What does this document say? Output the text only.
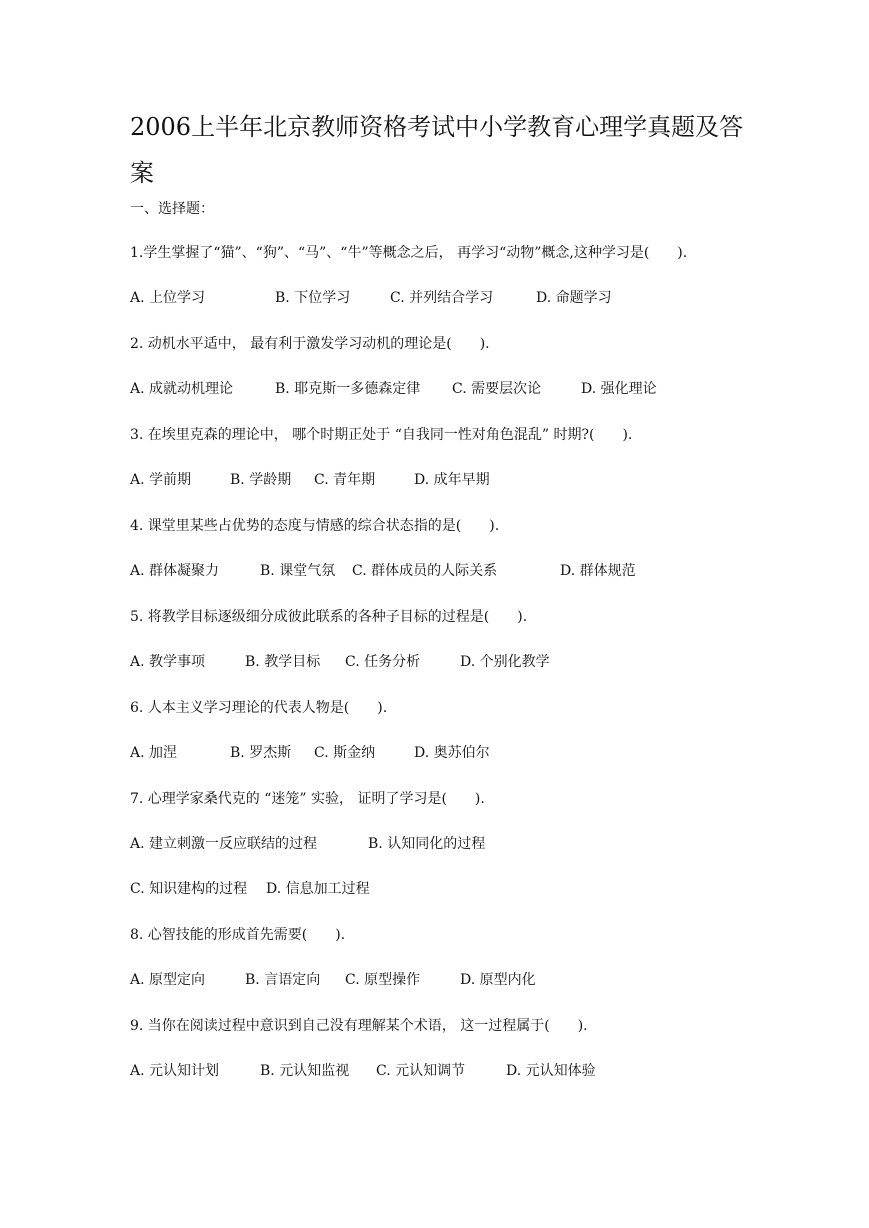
2006上半年北京教师资格考试中小学教育心理学真题及答
案
一、选择题：
1.学生掌握了“猫”、“狗”、“马”、“牛”等概念之后， 再学习“动物”概念,这种学习是(　　).
A. 上位学习	B. 下位学习	C. 并列结合学习	D. 命题学习
2. 动机水平适中， 最有利于激发学习动机的理论是(　　).
A. 成就动机理论	B. 耶克斯一多德森定律 C. 需要层次论	D. 强化理论
3. 在埃里克森的理论中， 哪个时期正处于 “自我同一性对角色混乱” 时期?(　　).
A. 学前期	B. 学龄期 C. 青年期	D. 成年早期
4. 课堂里某些占优势的态度与情感的综合状态指的是(　　).
A. 群体凝聚力	B. 课堂气氛 C. 群体成员的人际关系	D. 群体规范
5. 将教学目标逐级细分成彼此联系的各种子目标的过程是(　　).
A. 教学事项	B. 教学目标 C. 任务分析	D. 个别化教学
6. 人本主义学习理论的代表人物是(　　).
A. 加涅	B. 罗杰斯 C. 斯金纳	D. 奥苏伯尔
7. 心理学家桑代克的 “迷笼” 实验， 证明了学习是(　　).
A. 建立刺激一反应联结的过程	B. 认知同化的过程
C. 知识建构的过程 D. 信息加工过程
8. 心智技能的形成首先需要(　　).
A. 原型定向	B. 言语定向 C. 原型操作	D. 原型内化
9. 当你在阅读过程中意识到自己没有理解某个术语， 这一过程属于(　　).
A. 元认知计划	B. 元认知监视 C. 元认知调节	D. 元认知体验
